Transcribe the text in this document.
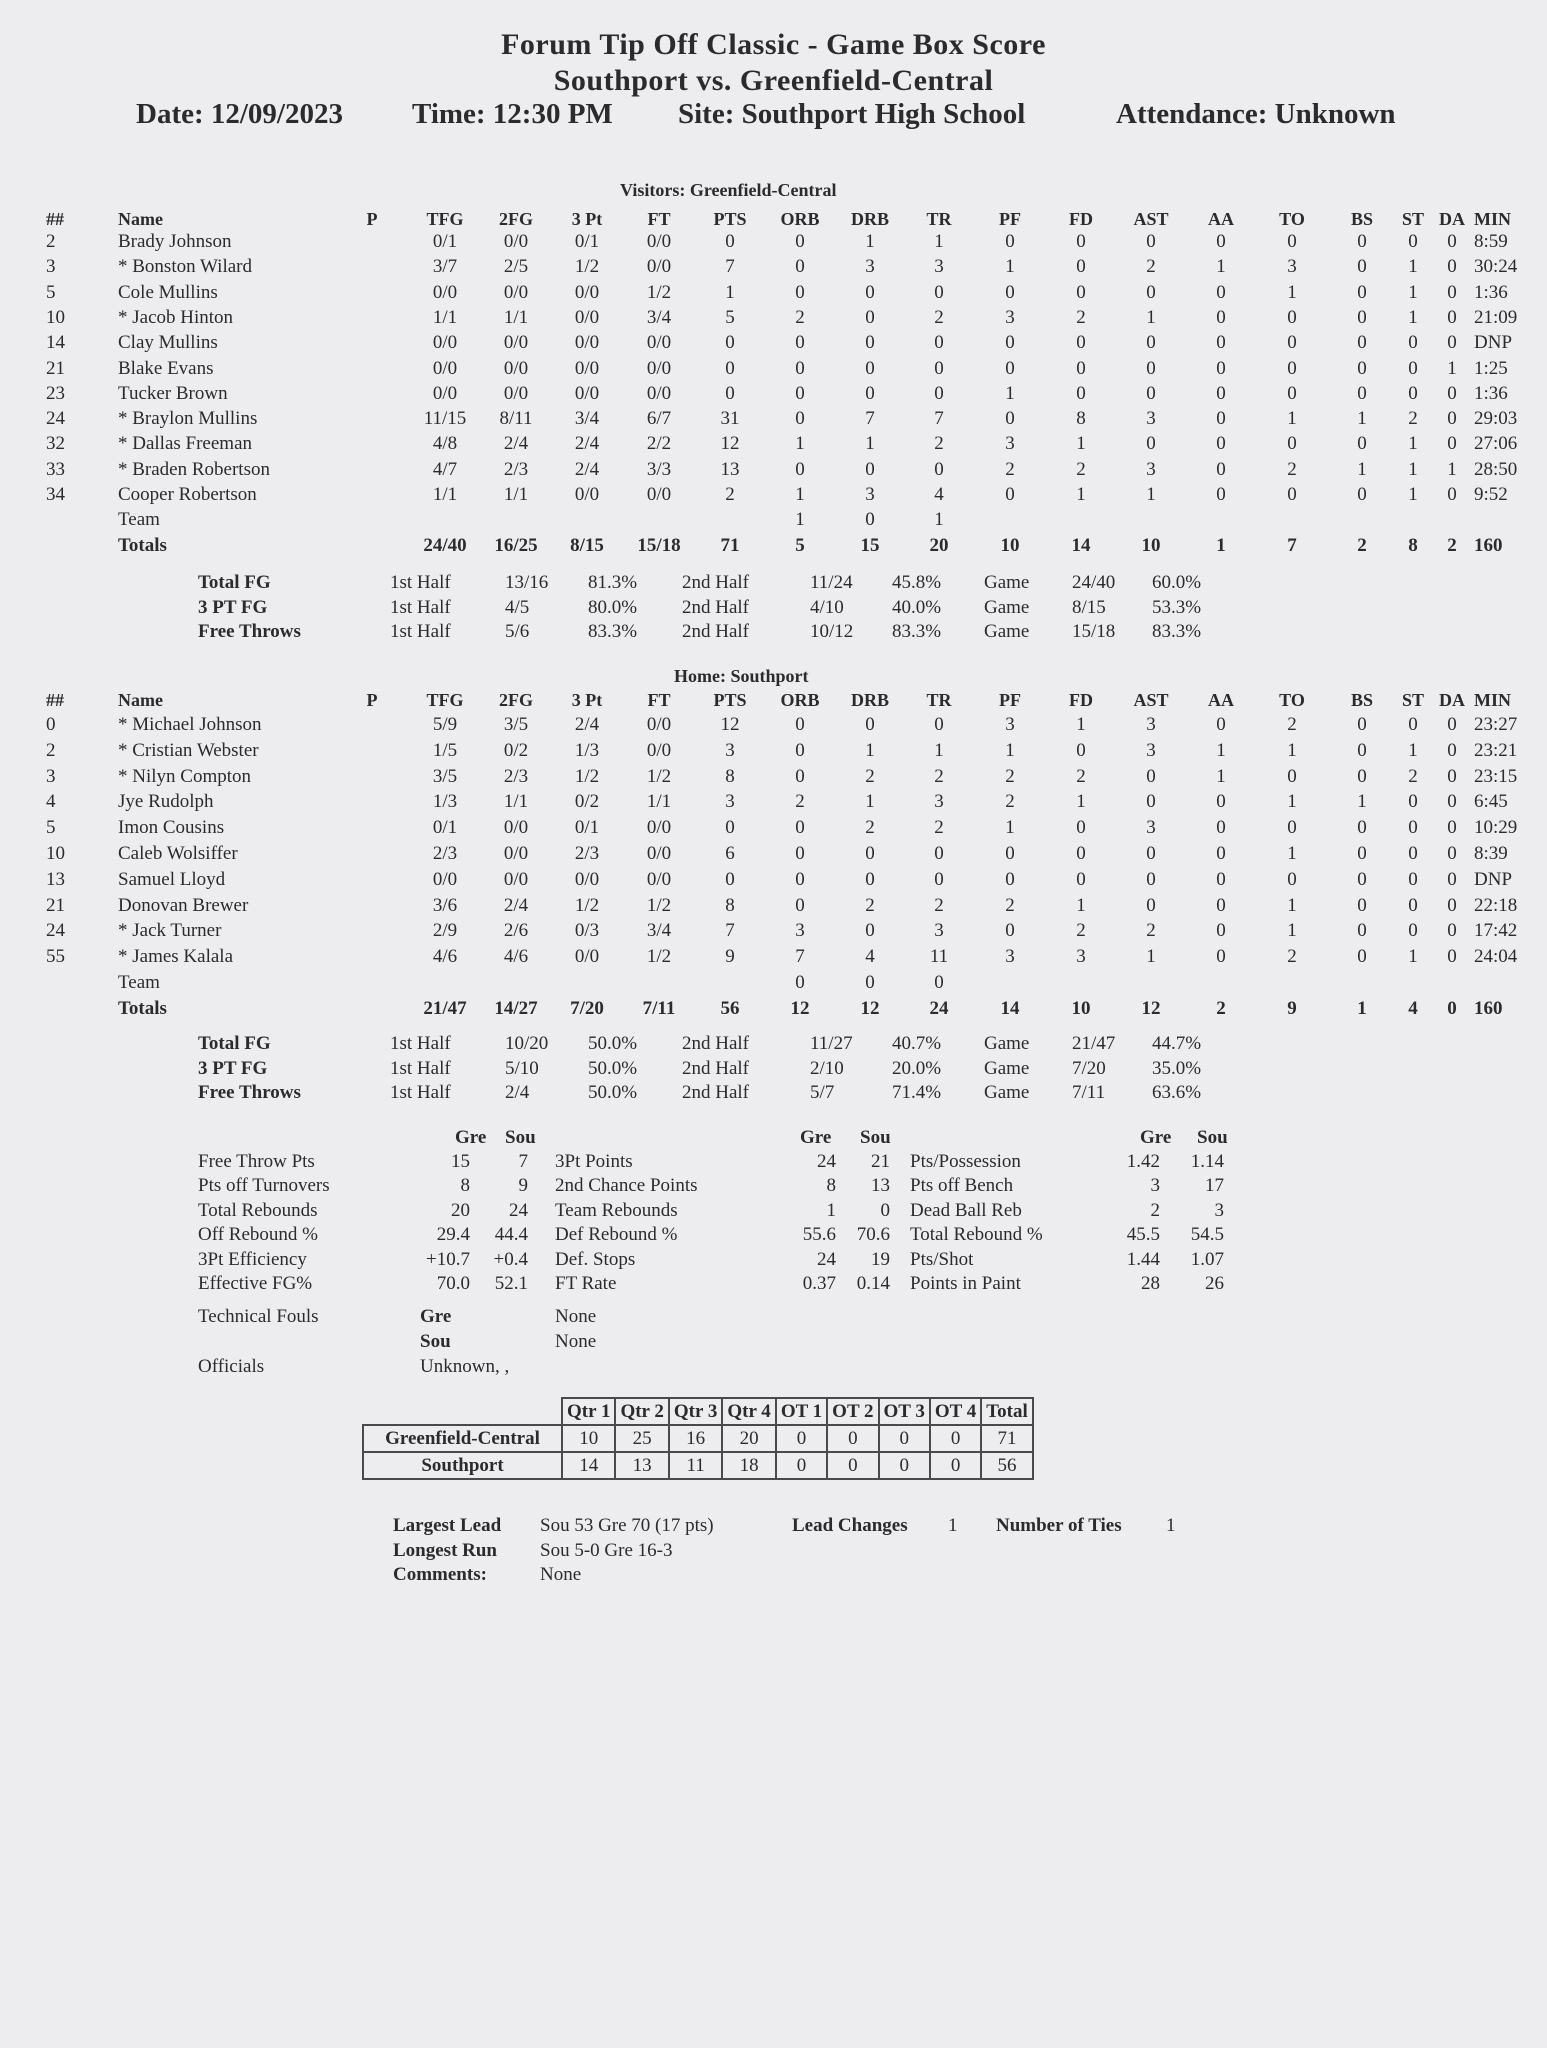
Forum Tip Off Classic - Game Box Score
Southport vs. Greenfield-Central
Date: 12/09/2023 Time: 12:30 PM Site: Southport High School	Attendance: Unknown
Visitors: Greenfield-Central
##	Name	P	TFG 2FG 3 Pt	FT PTS ORB DRB TR	PF	FD AST AA	TO	BS ST DA MIN
2	Brady Johnson	0/1 0/0 0/1	0/0	0	0	1	1	0	0	0	0	0	0 0 0 8:59
3	* Bonston Wilard	3/7 2/5 1/2	0/0	7	0	3	3	1	0	2	1	3	0 1 0 30:24
5	Cole Mullins	0/0 0/0 0/0	1/2	1	0	0	0	0	0	0	0	1	0 1 0 1:36
10	* Jacob Hinton	1/1 1/1 0/0	3/4	5	2	0	2	3	2	1	0	0	0 1 0 21:09
14	Clay Mullins	0/0 0/0 0/0	0/0	0	0	0	0	0	0	0	0	0	0 0 0 DNP
21	Blake Evans	0/0 0/0 0/0	0/0	0	0	0	0	0	0	0	0	0	0 0 1 1:25
23	Tucker Brown	0/0 0/0 0/0	0/0	0	0	0	0	1	0	0	0	0	0 0 0 1:36
24	* Braylon Mullins	11/15 8/11 3/4	6/7	31	0	7	7	0	8	3	0	1	1 2 0 29:03
32	* Dallas Freeman	4/8 2/4 2/4	2/2	12	1	1	2	3	1	0	0	0	0 1 0 27:06
33	* Braden Robertson	4/7 2/3 2/4	3/3	13	0	0	0	2	2	3	0	2	1 1 1 28:50
34	Cooper Robertson	1/1 1/1 0/0	0/0	2	1	3	4	0	1	1	0	0	0 1 0 9:52
Team	1	0	1
Totals	24/40 16/25 8/15 15/18 71	5	15	20	10	14	10	1	7	2 8 2 160
Total FG	1st Half	13/16 81.3% 2nd Half	11/24 45.8% Game 24/40 60.0%
3 PT FG	1st Half	4/5	80.0% 2nd Half	4/10	40.0% Game 8/15 53.3%
Free Throws	1st Half	5/6	83.3% 2nd Half	10/12 83.3% Game 15/18 83.3%
Home: Southport
##	Name	P	TFG 2FG 3 Pt	FT PTS ORB DRB TR	PF	FD AST AA	TO	BS ST DA MIN
0	* Michael Johnson	5/9 3/5 2/4	0/0	12	0	0	0	3	1	3	0	2	0 0 0 23:27
2	* Cristian Webster	1/5 0/2 1/3	0/0	3	0	1	1	1	0	3	1	1	0 1 0 23:21
3	* Nilyn Compton	3/5 2/3 1/2	1/2	8	0	2	2	2	2	0	1	0	0 2 0 23:15
4	Jye Rudolph	1/3 1/1 0/2	1/1	3	2	1	3	2	1	0	0	1	1 0 0 6:45
5	Imon Cousins	0/1 0/0 0/1	0/0	0	0	2	2	1	0	3	0	0	0 0 0 10:29
10	Caleb Wolsiffer	2/3 0/0 2/3	0/0	6	0	0	0	0	0	0	0	1	0 0 0 8:39
13	Samuel Lloyd	0/0 0/0 0/0	0/0	0	0	0	0	0	0	0	0	0	0 0 0 DNP
21	Donovan Brewer	3/6 2/4 1/2	1/2	8	0	2	2	2	1	0	0	1	0 0 0 22:18
24	* Jack Turner	2/9 2/6 0/3	3/4	7	3	0	3	0	2	2	0	1	0 0 0 17:42
55	* James Kalala	4/6 4/6 0/0	1/2	9	7	4	11	3	3	1	0	2	0 1 0 24:04
Team	0	0	0
Totals	21/47 14/27 7/20 7/11 56	12	12	24	14	10	12	2	9	1 4 0 160
Total FG	1st Half	10/20 50.0% 2nd Half	11/27 40.7% Game 21/47 44.7%
3 PT FG	1st Half	5/10	50.0% 2nd Half	2/10	20.0% Game 7/20 35.0%
Free Throws	1st Half	2/4	50.0% 2nd Half	5/7	71.4% Game 7/11 63.6%
Gre Sou
Free Throw Pts	15	7
Pts off Turnovers	8	9
Total Rebounds	20 24
Off Rebound %	29.4 44.4
3Pt Efficiency	+10.7 +0.4
Effective FG%	70.0 52.1
Gre Sou
3Pt Points	24 21
2nd Chance Points	8 13
Team Rebounds	1 0
Def Rebound %	55.6 70.6
Def. Stops	24 19
FT Rate	0.37 0.14
Gre Sou
Pts/Possession	1.42 1.14
Pts off Bench	3 17
Dead Ball Reb	2	3
Total Rebound %	45.5 54.5
Pts/Shot	1.44 1.07
Points in Paint	28 26
Technical Fouls	Gre	None
Sou	None
Officials	Unknown, ,
	Qtr 1	Qtr 2	Qtr 3	Qtr 4	OT 1	OT 2	OT 3	OT 4	Total
Greenfield-Central	10	25	16	20	0	0	0	0	71
Southport	14	13	11	18	0	0	0	0	56
Largest Lead Sou 53 Gre 70 (17 pts)	Lead Changes 1 Number of Ties 1
Longest Run Sou 5-0 Gre 16-3
Comments:	None
